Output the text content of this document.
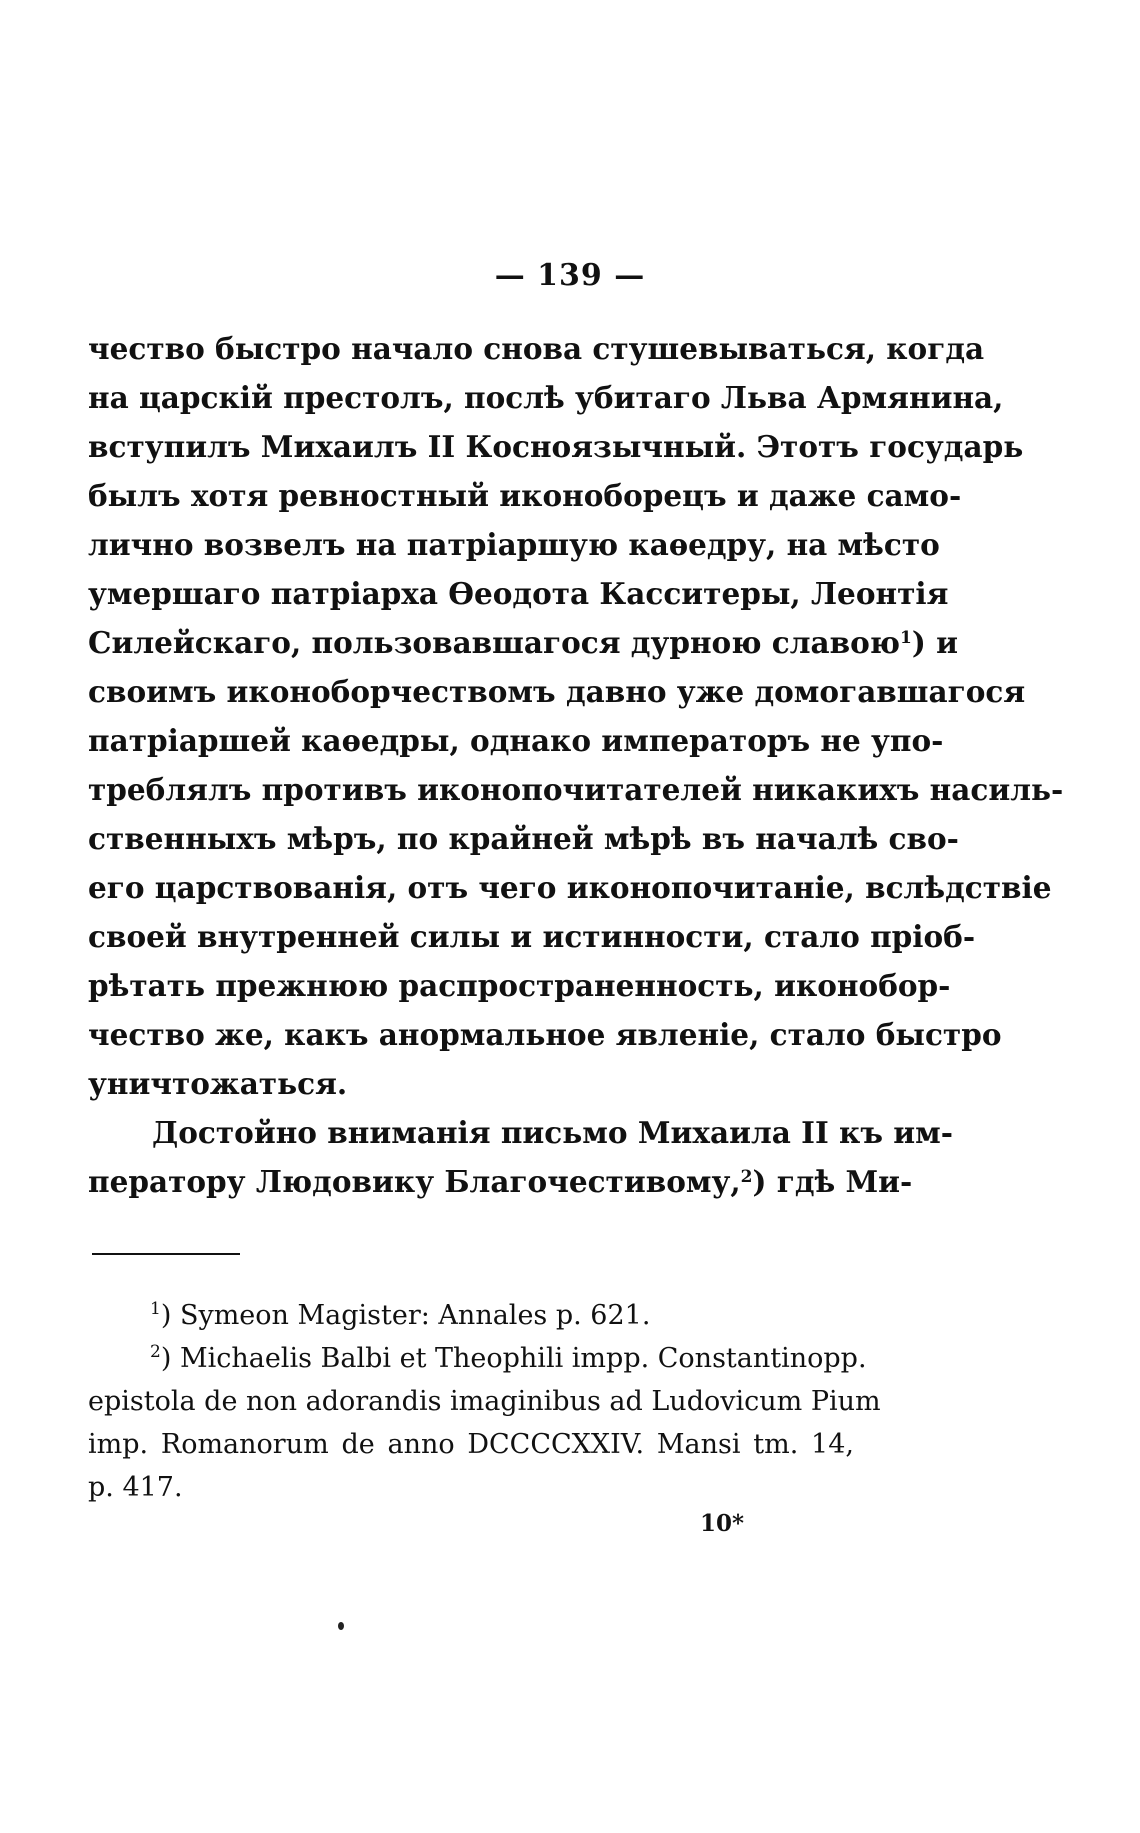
— 139 —
чество быстро начало снова стушевываться, когда
на царскій престолъ, послѣ убитаго Льва Армянина,
вступилъ Михаилъ II Косноязычный. Этотъ государь
былъ хотя ревностный иконоборецъ и даже само-
лично возвелъ на патріаршую каѳедру, на мѣсто
умершаго патріарха Ѳеодота Касситеры, Леонтія
Силейскаго, пользовавшагося дурною славою$^1$) и
своимъ иконоборчествомъ давно уже домогавшагося
патріаршей каѳедры, однако императоръ не упо-
треблялъ противъ иконопочитателей никакихъ насиль-
ственныхъ мѣръ, по крайней мѣрѣ въ началѣ сво-
его царствованія, отъ чего иконопочитаніе, вслѣдствіе
своей внутренней силы и истинности, стало пріоб-
рѣтать прежнюю распространенность, иконобор-
чество же, какъ анормальное явленіе, стало быстро
уничтожаться.
Достойно вниманія письмо Михаила II къ им-
ператору Людовику Благочестивому,$^2$) гдѣ Ми-
$^1$) Symeon Magister: Annales p. 621.
$^2$) Michaelis Balbi et Theophili impp. Constantinopp.
epistola de non adorandis imaginibus ad Ludovicum Pium
imp. Romanorum de anno DCCCCXXIV. Mansi tm. 14,
p. 417.
10*
